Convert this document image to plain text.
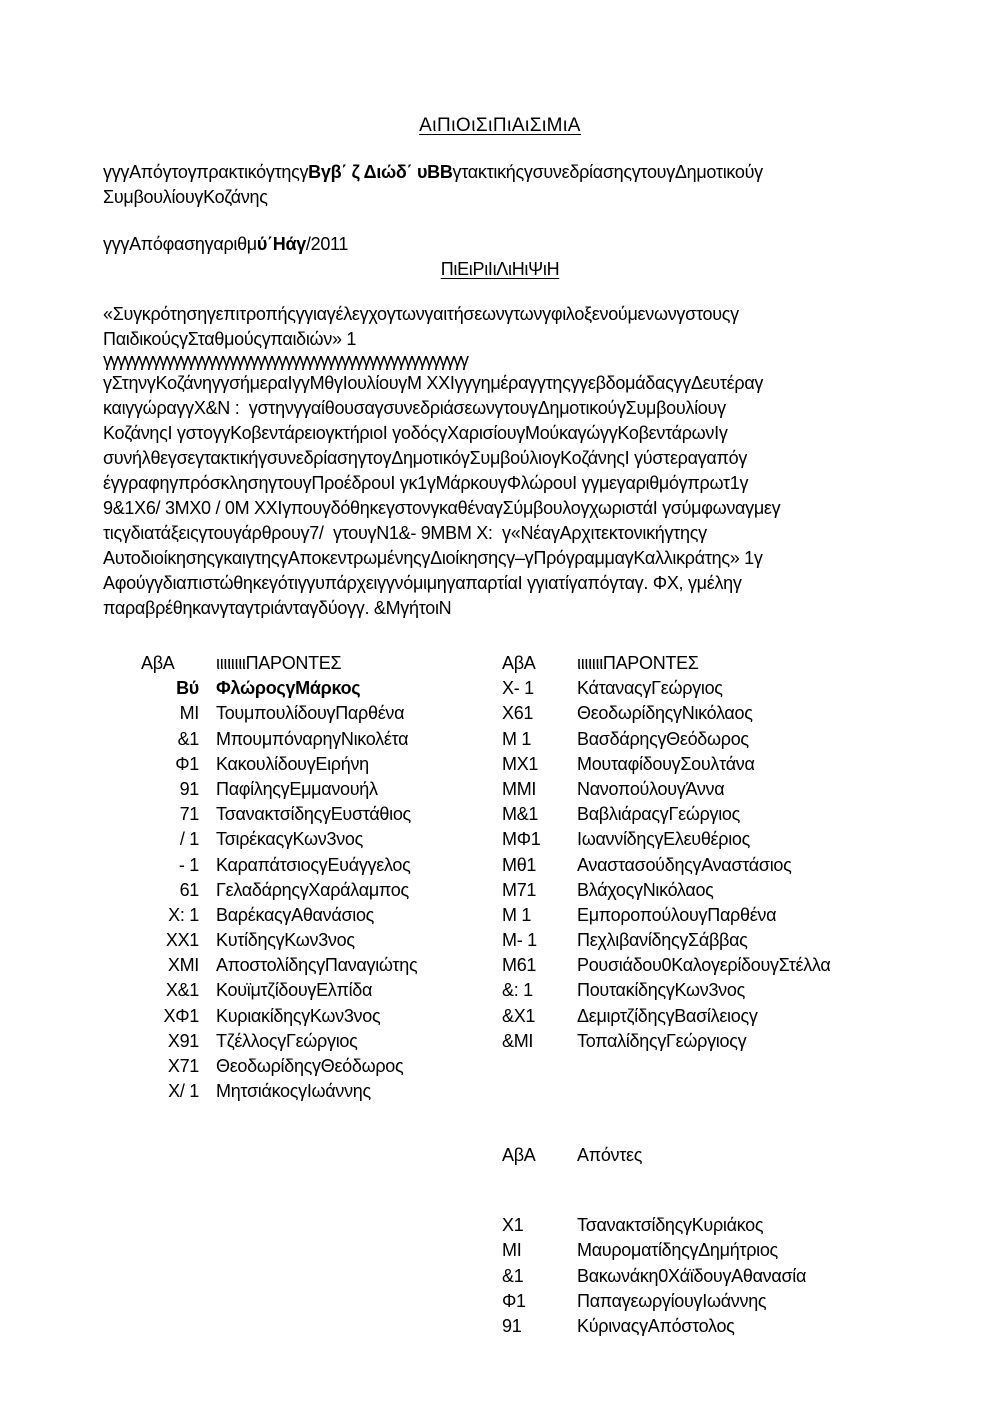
ΑιΠιΟιΣιΠιΑιΣιΜιΑ
γγγΑπόγτογπρακτικόγτηςγΒγβ΄ ζ Διώδ΄ υΒΒγτακτικήςγσυνεδρίασηςγτουγΔημοτικούγ
ΣυμβουλίουγΚοζάνης
γγγΑπόφασηγαριθμύ΄Ηάγ/2011
ΠιΕιΡιΙιΛιΗιΨιΗ
«Συγκρότησηγεπιτροπήςγγιαγέλεγχογτωνγαιτήσεωνγτωνγφιλοξενούμενωνγστουςγ
ΠαιδικούςγΣταθμούςγπαιδιών» 1
γγγγγγγγγγγγγγγγγγγγγγγγγγγγγγγγγγγγγγγγγγγγγγγγγγγγ
γΣτηνγΚοζάνηγγσήμεραΙγγΜθγΙουλίουγΜ ΧΧΙγγγημέραγγτηςγγεβδομάδαςγγΔευτέραγ
καιγγώραγγΧ&Ν :  γστηνγγαίθουσαγσυνεδριάσεωνγτουγΔημοτικούγΣυμβουλίουγ
ΚοζάνηςΙ γστογγΚοβεντάρειογκτήριοΙ γοδόςγΧαρισίουγΜούκαγώγγΚοβεντάρωνΙγ
συνήλθεγσεγτακτικήγσυνεδρίασηγτογΔημοτικόγΣυμβούλιογΚοζάνηςΙ γύστεραγαπόγ
έγγραφηγπρόσκλησηγτουγΠροέδρουΙ γκ1γΜάρκουγΦλώρουΙ γγμεγαριθμόγπρωτ1γ
9&1Χ6/ 3ΜΧ0 / 0Μ ΧΧΙγπουγδόθηκεγστονγκαθέναγΣύμβουλογχωριστάΙ γσύμφωναγμεγ
τιςγδιατάξειςγτουγάρθρουγ7/  γτουγΝ1&- 9ΜΒΜ Χ:  γ«ΝέαγΑρχιτεκτονικήγτηςγ
ΑυτοδιοίκησηςγκαιγτηςγΑποκεντρωμένηςγΔιοίκησηςγ–γΠρόγραμμαγΚαλλικράτης» 1γ
ΑφούγγδιαπιστώθηκεγότιγγυπάρχειγγνόμιμηγαπαρτίαΙ γγιατίγαπόγταγ. ΦΧ, γμέληγ
παραβρέθηκανγταγτριάνταγδύογγ. &ΜγήτοιΝ
ΑβΑ	ιιιιιιιιΠΑΡΟΝΤΕΣ
Βύ ΦλώροςγΜάρκος
ΜΙ ΤουμπουλίδουγΠαρθένα
&1 ΜπουμπόναρηγΝικολέτα
Φ1 ΚακουλίδουγΕιρήνη
91 ΠαφίληςγΕμμανουήλ
71 ΤσανακτσίδηςγΕυστάθιος
/ 1 ΤσιρέκαςγΚων3νος
- 1 ΚαραπάτσιοςγΕυάγγελος
61 ΓελαδάρηςγΧαράλαμπος
Χ: 1 ΒαρέκαςγΑθανάσιος
ΧΧ1 ΚυτίδηςγΚων3νος
ΧΜΙ ΑποστολίδηςγΠαναγιώτης
Χ&1 ΚουϊμτζίδουγΕλπίδα
ΧΦ1 ΚυριακίδηςγΚων3νος
Χ91 ΤζέλλοςγΓεώργιος
Χ71 ΘεοδωρίδηςγΘεόδωρος
Χ/ 1 ΜητσιάκοςγΙωάννης
ΑβΑ	ιιιιιιιΠΑΡΟΝΤΕΣ
Χ- 1	ΚάταναςγΓεώργιος
Χ61	ΘεοδωρίδηςγΝικόλαος
Μ 1	ΒασδάρηςγΘεόδωρος
ΜΧ1	ΜουταφίδουγΣουλτάνα
ΜΜΙ	ΝανοπούλουγΆννα
Μ&1	ΒαβλιάραςγΓεώργιος
ΜΦ1	ΙωαννίδηςγΕλευθέριος
Μθ1	ΑναστασούδηςγΑναστάσιος
Μ71	ΒλάχοςγΝικόλαος
Μ 1	ΕμποροπούλουγΠαρθένα
Μ- 1	ΠεχλιβανίδηςγΣάββας
Μ61	Ρουσιάδου0ΚαλογερίδουγΣτέλλα
&: 1	ΠουτακίδηςγΚων3νος
&Χ1	ΔεμιρτζίδηςγΒασίλειοςγ
&ΜΙ	ΤοπαλίδηςγΓεώργιοςγ
ΑβΑ	Απόντες
Χ1	ΤσανακτσίδηςγΚυριάκος
ΜΙ	ΜαυροματίδηςγΔημήτριος
&1	Βακωνάκη0ΧάϊδουγΑθανασία
Φ1	ΠαπαγεωργίουγΙωάννης
91	ΚύριναςγΑπόστολος
